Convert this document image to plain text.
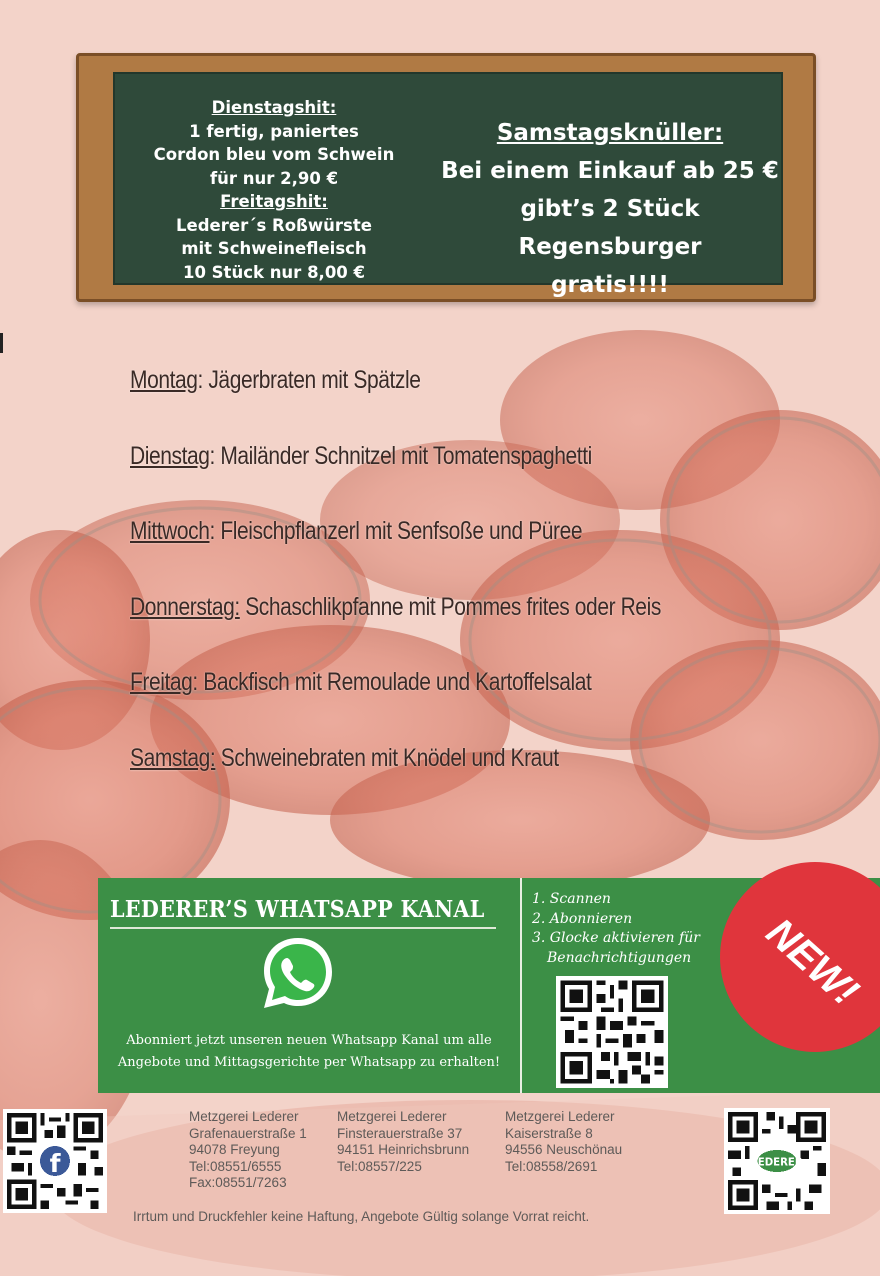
Dienstagshit:
1 fertig, paniertes
Cordon bleu vom Schwein
für nur 2,90 €
Freitagshit:
Lederer´s Roßwürste
mit Schweinefleisch
10 Stück nur 8,00 €
Samstagsknüller:
Bei einem Einkauf ab 25 €
gibt’s 2 Stück Regensburger
gratis!!!!
Montag: Jägerbraten mit Spätzle
Dienstag: Mailänder Schnitzel mit Tomatenspaghetti
Mittwoch: Fleischpflanzerl mit Senfsoße und Püree
Donnerstag: Schaschlikpfanne mit Pommes frites oder Reis
Freitag: Backfisch mit Remoulade und Kartoffelsalat
Samstag: Schweinebraten mit Knödel und Kraut
LEDERER’S WHATSAPP KANAL
Abonniert jetzt unseren neuen Whatsapp Kanal um alle
Angebote und Mittagsgerichte per Whatsapp zu erhalten!
1. Scannen
2. Abonnieren
3. Glocke aktivieren für
Benachrichtigungen	NEW!
f
Metzgerei Lederer
Grafenauerstraße 1
94078 Freyung
Tel:08551/6555
Fax:08551/7263
Metzgerei Lederer
Finsterauerstraße 37
94151 Heinrichsbrunn
Tel:08557/225
Metzgerei Lederer
Kaiserstraße 8
94556 Neuschönau
Tel:08558/2691	LEDERER
Irrtum und Druckfehler keine Haftung, Angebote Gültig solange Vorrat reicht.
